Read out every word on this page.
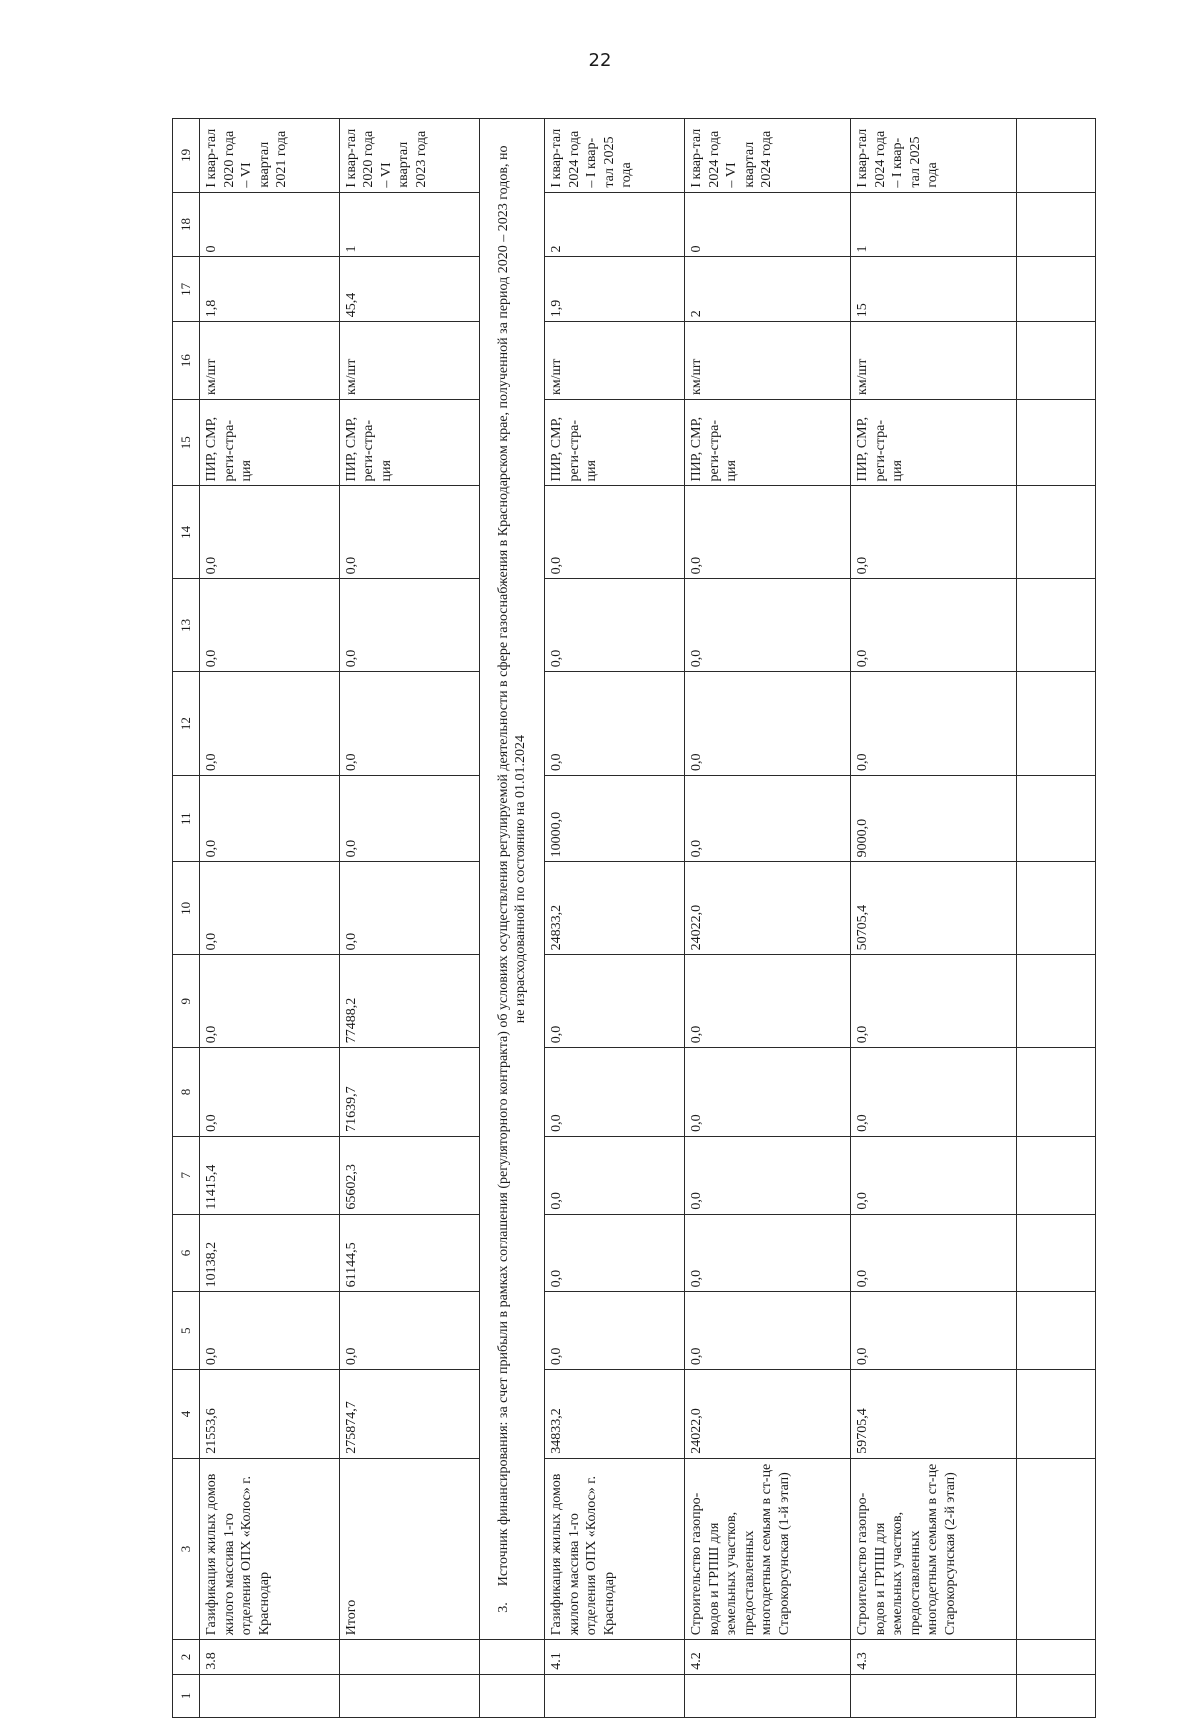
22
1	2	3	4	5	6	7	8	9	10	11	12	13	14	15	16	17	18	19
	3.8	Газификация жилых домов жилого массива 1-го отделения ОПХ «Колос» г. Краснодар	21553,6	0,0	10138,2	11415,4	0,0	0,0	0,0	0,0	0,0	0,0	0,0	ПИР, СМР, реги-стра-ция	км/шт	1,8	0	I квар-тал 2020 года – VI квартал 2021 года
		Итого	275874,7	0,0	61144,5	65602,3	71639,7	77488,2	0,0	0,0	0,0	0,0	0,0	ПИР, СМР, реги-стра-ция	км/шт	45,4	1	I квар-тал 2020 года – VI квартал 2023 года
		3.Источник финансирования: за счет прибыли в рамках соглашения (регуляторного контракта) об условиях осуществления регулируемой деятельности в сфере газоснабжения в Краснодарском крае, полученной за период 2020 – 2023 годов, но не израсходованной по состоянию на 01.01.2024																
	4.1	Газификация жилых домов жилого массива 1-го отделения ОПХ «Колос» г. Краснодар	34833,2	0,0	0,0	0,0	0,0	0,0	24833,2	10000,0	0,0	0,0	0,0	ПИР, СМР, реги-стра-ция	км/шт	1,9	2	I квар-тал 2024 года – I квар-тал 2025 года
	4.2	Строительство газопро-водов и ГРПШ для земельных участков, предоставленных многодетным семьям в ст-це Старокорсунская (1-й этап)	24022,0	0,0	0,0	0,0	0,0	0,0	24022,0	0,0	0,0	0,0	0,0	ПИР, СМР, реги-стра-ция	км/шт	2	0	I квар-тал 2024 года – VI квартал 2024 года
	4.3	Строительство газопро-водов и ГРПШ для земельных участков, предоставленных многодетным семьям в ст-це Старокорсунская (2-й этап)	59705,4	0,0	0,0	0,0	0,0	0,0	50705,4	9000,0	0,0	0,0	0,0	ПИР, СМР, реги-стра-ция	км/шт	15	1	I квар-тал 2024 года – I квар-тал 2025 года
